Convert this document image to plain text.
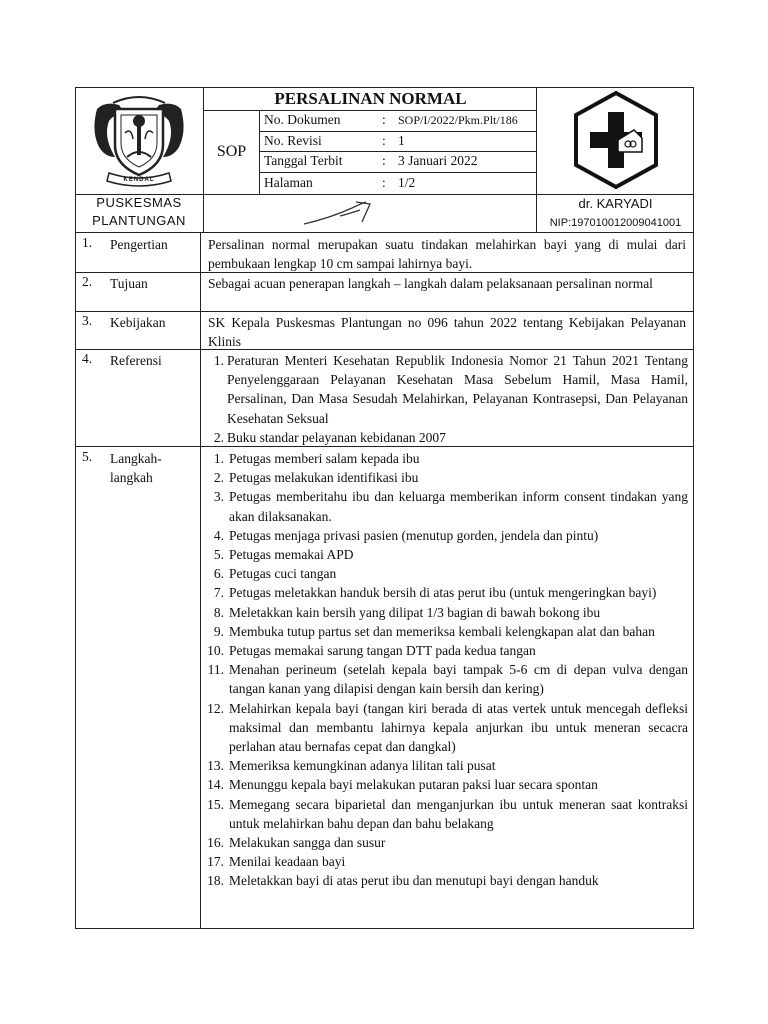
KENDAL
PUSKESMAS
PLANTUNGAN
PERSALINAN NORMAL
SOP
No. Dokumen	: SOP/I/2022/Pkm.Plt/186
No. Revisi	: 1
Tanggal Terbit	: 3 Januari 2022
Halaman	: 1/2
dr. KARYADI
NIP:197010012009041001
1. Pengertian	Persalinan normal merupakan suatu tindakan melahirkan bayi yang di mulai dari pembukaan lengkap 10 cm sampai lahirnya bayi.
2. Tujuan	Sebagai acuan penerapan langkah – langkah dalam pelaksanaan persalinan normal
3. Kebijakan	SK Kepala Puskesmas Plantungan no 096 tahun 2022 tentang Kebijakan Pelayanan Klinis
4. Referensi	1. Peraturan Menteri Kesehatan Republik Indonesia Nomor 21 Tahun 2021 Tentang Penyelenggaraan Pelayanan Kesehatan Masa Sebelum Hamil, Masa Hamil, Persalinan, Dan Masa Sesudah Melahirkan, Pelayanan Kontrasepsi, Dan Pelayanan Kesehatan Seksual
2. Buku standar pelayanan kebidanan 2007
5. Langkah-
langkah
1. Petugas memberi salam kepada ibu
2. Petugas melakukan identifikasi ibu
3. Petugas memberitahu ibu dan keluarga memberikan inform consent tindakan yang akan dilaksanakan.
4. Petugas menjaga privasi pasien (menutup gorden, jendela dan pintu)
5. Petugas memakai APD
6. Petugas cuci tangan
7. Petugas meletakkan handuk bersih di atas perut ibu (untuk mengeringkan bayi)
8. Meletakkan kain bersih yang dilipat 1/3 bagian di bawah bokong ibu
9. Membuka tutup partus set dan memeriksa kembali kelengkapan alat dan bahan
10. Petugas memakai sarung tangan DTT pada kedua tangan
11. Menahan perineum (setelah kepala bayi tampak 5-6 cm di depan vulva dengan tangan kanan yang dilapisi dengan kain bersih dan kering)
12. Melahirkan kepala bayi (tangan kiri berada di atas vertek untuk mencegah defleksi maksimal dan membantu lahirnya kepala anjurkan ibu untuk meneran secacra perlahan atau bernafas cepat dan dangkal)
13. Memeriksa kemungkinan adanya lilitan tali pusat
14. Menunggu kepala bayi melakukan putaran paksi luar secara spontan
15. Memegang secara biparietal dan menganjurkan ibu untuk meneran saat kontraksi untuk melahirkan bahu depan dan bahu belakang
16. Melakukan sangga dan susur
17. Menilai keadaan bayi
18. Meletakkan bayi di atas perut ibu dan menutupi bayi dengan handuk
